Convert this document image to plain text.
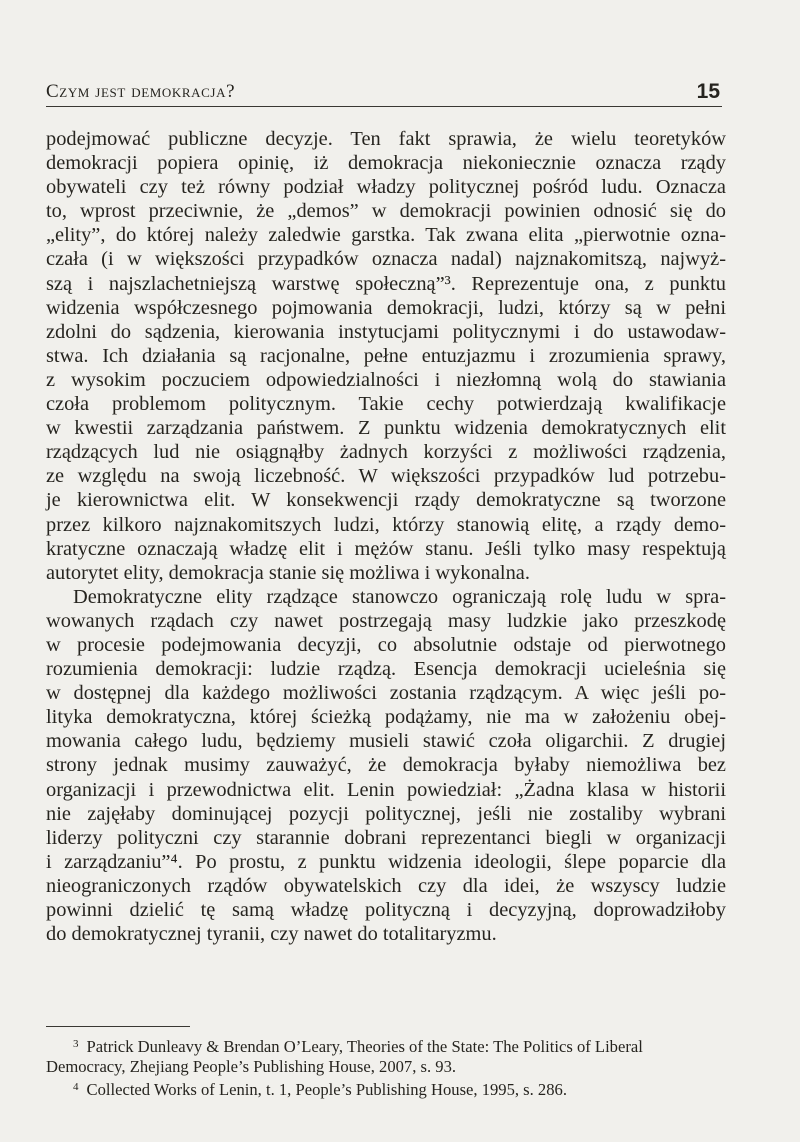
Czym jest demokracja?	15
podejmować publiczne decyzje. Ten fakt sprawia, że wielu teoretyków
demokracji popiera opinię, iż demokracja niekoniecznie oznacza rządy
obywateli czy też równy podział władzy politycznej pośród ludu. Oznacza
to, wprost przeciwnie, że „demos” w demokracji powinien odnosić się do
„elity”, do której należy zaledwie garstka. Tak zwana elita „pierwotnie ozna-
czała (i w większości przypadków oznacza nadal) najznakomitszą, najwyż-
szą i najszlachetniejszą warstwę społeczną”³. Reprezentuje ona, z punktu
widzenia współczesnego pojmowania demokracji, ludzi, którzy są w pełni
zdolni do sądzenia, kierowania instytucjami politycznymi i do ustawodaw-
stwa. Ich działania są racjonalne, pełne entuzjazmu i zrozumienia sprawy,
z wysokim poczuciem odpowiedzialności i niezłomną wolą do stawiania
czoła problemom politycznym. Takie cechy potwierdzają kwalifikacje
w kwestii zarządzania państwem. Z punktu widzenia demokratycznych elit
rządzących lud nie osiągnąłby żadnych korzyści z możliwości rządzenia,
ze względu na swoją liczebność. W większości przypadków lud potrzebu-
je kierownictwa elit. W konsekwencji rządy demokratyczne są tworzone
przez kilkoro najznakomitszych ludzi, którzy stanowią elitę, a rządy demo-
kratyczne oznaczają władzę elit i mężów stanu. Jeśli tylko masy respektują
autorytet elity, demokracja stanie się możliwa i wykonalna.
Demokratyczne elity rządzące stanowczo ograniczają rolę ludu w spra-
wowanych rządach czy nawet postrzegają masy ludzkie jako przeszkodę
w procesie podejmowania decyzji, co absolutnie odstaje od pierwotnego
rozumienia demokracji: ludzie rządzą. Esencja demokracji ucieleśnia się
w dostępnej dla każdego możliwości zostania rządzącym. A więc jeśli po-
lityka demokratyczna, której ścieżką podążamy, nie ma w założeniu obej-
mowania całego ludu, będziemy musieli stawić czoła oligarchii. Z drugiej
strony jednak musimy zauważyć, że demokracja byłaby niemożliwa bez
organizacji i przewodnictwa elit. Lenin powiedział: „Żadna klasa w historii
nie zajęłaby dominującej pozycji politycznej, jeśli nie zostaliby wybrani
liderzy polityczni czy starannie dobrani reprezentanci biegli w organizacji
i zarządzaniu”⁴. Po prostu, z punktu widzenia ideologii, ślepe poparcie dla
nieograniczonych rządów obywatelskich czy dla idei, że wszyscy ludzie
powinni dzielić tę samą władzę polityczną i decyzyjną, doprowadziłoby
do demokratycznej tyranii, czy nawet do totalitaryzmu.
$^3$ Patrick Dunleavy & Brendan O’Leary, Theories of the State: The Politics of Liberal
Democracy, Zhejiang People’s Publishing House, 2007, s. 93.
$^4$ Collected Works of Lenin, t. 1, People’s Publishing House, 1995, s. 286.
